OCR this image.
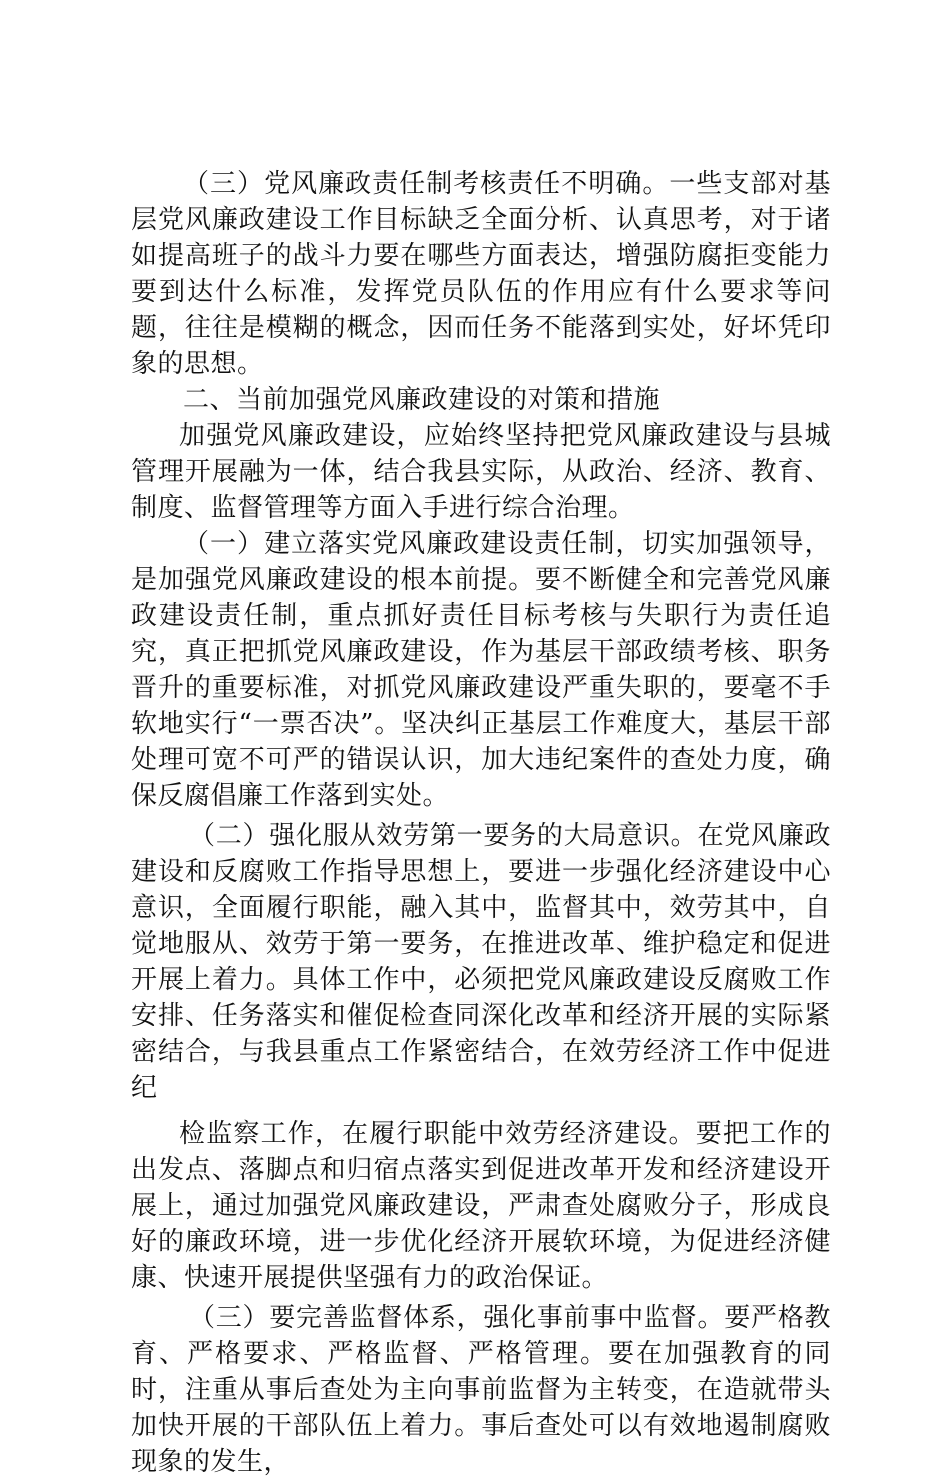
（三）党风廉政责任制考核责任不明确。一些支部对基层党风廉政建设工作目标缺乏全面分析、认真思考，对于诸如提高班子的战斗力要在哪些方面表达，增强防腐拒变能力要到达什么标准，发挥党员队伍的作用应有什么要求等问题，往往是模糊的概念，因而任务不能落到实处，好坏凭印象的思想。

二、当前加强党风廉政建设的对策和措施

加强党风廉政建设，应始终坚持把党风廉政建设与县城管理开展融为一体，结合我县实际，从政治、经济、教育、制度、监督管理等方面入手进行综合治理。

（一）建立落实党风廉政建设责任制，切实加强领导，是加强党风廉政建设的根本前提。要不断健全和完善党风廉政建设责任制，重点抓好责任目标考核与失职行为责任追究，真正把抓党风廉政建设，作为基层干部政绩考核、职务晋升的重要标准，对抓党风廉政建设严重失职的，要毫不手软地实行“一票否决”。坚决纠正基层工作难度大，基层干部处理可宽不可严的错误认识，加大违纪案件的查处力度，确保反腐倡廉工作落到实处。

（二）强化服从效劳第一要务的大局意识。在党风廉政建设和反腐败工作指导思想上，要进一步强化经济建设中心意识，全面履行职能，融入其中，监督其中，效劳其中，自觉地服从、效劳于第一要务，在推进改革、维护稳定和促进开展上着力。具体工作中，必须把党风廉政建设反腐败工作安排、任务落实和催促检查同深化改革和经济开展的实际紧密结合，与我县重点工作紧密结合，在效劳经济工作中促进纪

检监察工作，在履行职能中效劳经济建设。要把工作的出发点、落脚点和归宿点落实到促进改革开发和经济建设开展上，通过加强党风廉政建设，严肃查处腐败分子，形成良好的廉政环境，进一步优化经济开展软环境，为促进经济健康、快速开展提供坚强有力的政治保证。

（三）要完善监督体系，强化事前事中监督。要严格教育、严格要求、严格监督、严格管理。要在加强教育的同时，注重从事后查处为主向事前监督为主转变，在造就带头加快开展的干部队伍上着力。事后查处可以有效地遏制腐败现象的发生，
